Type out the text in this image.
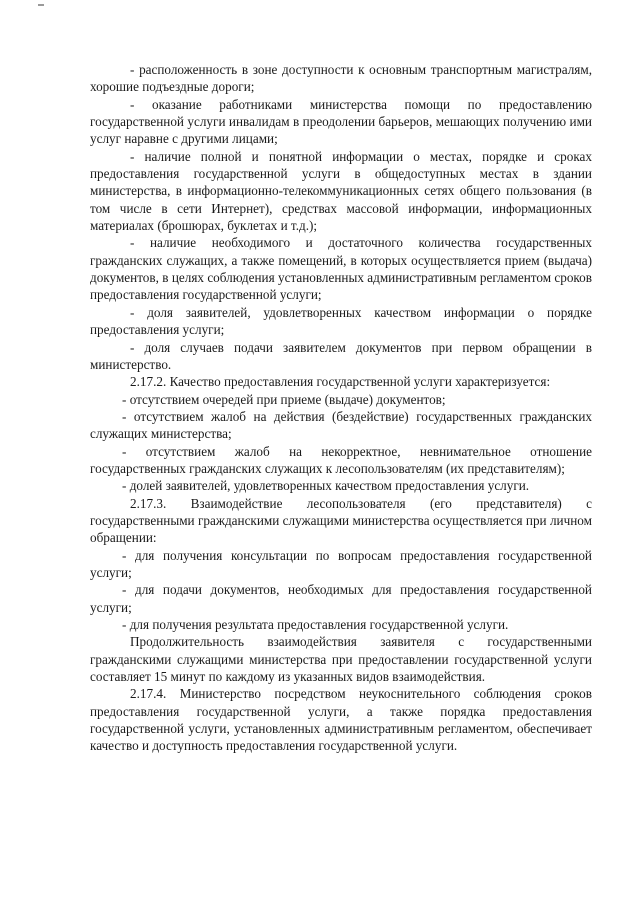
- расположенность в зоне доступности к основным транспортным магистралям, хорошие подъездные дороги;

- оказание работниками министерства помощи по предоставлению государственной услуги инвалидам в преодолении барьеров, мешающих получению ими услуг наравне с другими лицами;

- наличие полной и понятной информации о местах, порядке и сроках предоставления государственной услуги в общедоступных местах в здании министерства, в информационно-телекоммуникационных сетях общего пользования (в том числе в сети Интернет), средствах массовой информации, информационных материалах (брошюрах, буклетах и т.д.);

- наличие необходимого и достаточного количества государственных гражданских служащих, а также помещений, в которых осуществляется прием (выдача) документов, в целях соблюдения установленных административным регламентом сроков предоставления государственной услуги;

- доля заявителей, удовлетворенных качеством информации о порядке предоставления услуги;

- доля случаев подачи заявителем документов при первом обращении в министерство.

2.17.2. Качество предоставления государственной услуги характеризуется:

- отсутствием очередей при приеме (выдаче) документов;

- отсутствием жалоб на действия (бездействие) государственных гражданских служащих министерства;

- отсутствием жалоб на некорректное, невнимательное отношение государственных гражданских служащих к лесопользователям (их представителям);

- долей заявителей, удовлетворенных качеством предоставления услуги.

2.17.3. Взаимодействие лесопользователя (его представителя) с государственными гражданскими служащими министерства осуществляется при личном обращении:

- для получения консультации по вопросам предоставления государственной услуги;

- для подачи документов, необходимых для предоставления государственной услуги;

- для получения результата предоставления государственной услуги.

Продолжительность взаимодействия заявителя с государственными гражданскими служащими министерства при предоставлении государственной услуги составляет 15 минут по каждому из указанных видов взаимодействия.

2.17.4. Министерство посредством неукоснительного соблюдения сроков предоставления государственной услуги, а также порядка предоставления государственной услуги, установленных административным регламентом, обеспечивает качество и доступность предоставления государственной услуги.
